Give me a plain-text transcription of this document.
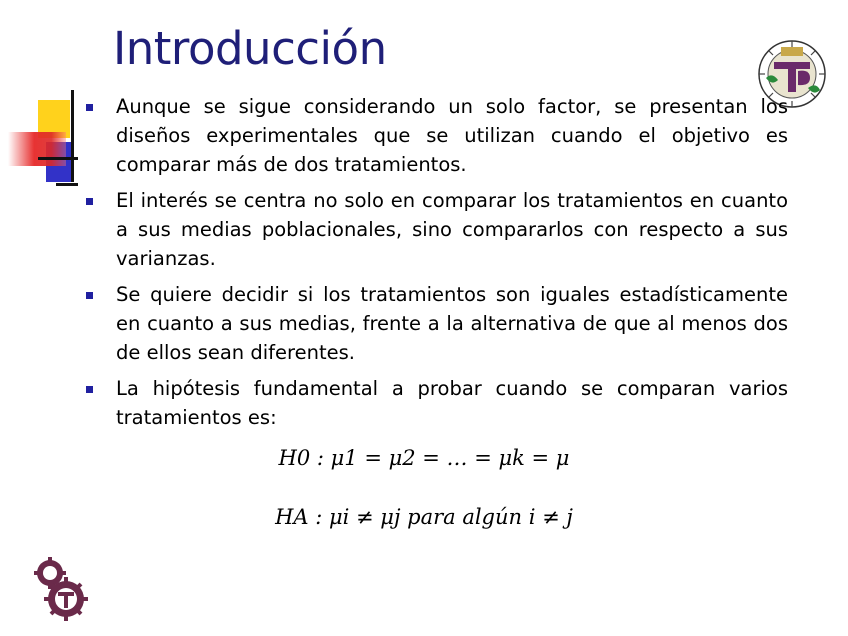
Introducción
Aunque se sigue considerando un solo factor, se presentan los diseños experimentales que se utilizan cuando el objetivo es comparar más de dos tratamientos.
El interés se centra no solo en comparar los tratamientos en cuanto a sus medias poblacionales, sino compararlos con respecto a sus varianzas.
Se quiere decidir si los tratamientos son iguales estadísticamente en cuanto a sus medias, frente a la alternativa de que al menos dos de ellos sean diferentes.
La hipótesis fundamental a probar cuando se comparan varios tratamientos es:
H0 : μ1 = μ2 = … = μk = μ
HA : μi ≠ μj para algún i ≠ j
